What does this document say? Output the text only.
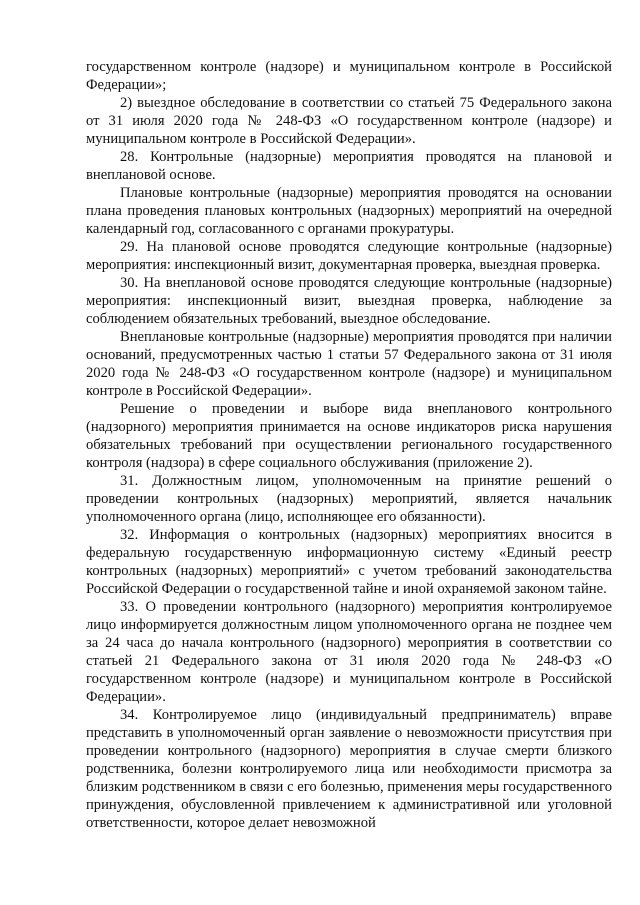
государственном контроле (надзоре) и муниципальном контроле в Российской Федерации»;

2) выездное обследование в соответствии со статьей 75 Федерального закона от 31 июля 2020 года № 248-ФЗ «О государственном контроле (надзоре) и муниципальном контроле в Российской Федерации».

28. Контрольные (надзорные) мероприятия проводятся на плановой и внеплановой основе.

Плановые контрольные (надзорные) мероприятия проводятся на основании плана проведения плановых контрольных (надзорных) мероприятий на очередной календарный год, согласованного с органами прокуратуры.

29. На плановой основе проводятся следующие контрольные (надзорные) мероприятия: инспекционный визит, документарная проверка, выездная проверка.

30. На внеплановой основе проводятся следующие контрольные (надзорные) мероприятия: инспекционный визит, выездная проверка, наблюдение за соблюдением обязательных требований, выездное обследование.

Внеплановые контрольные (надзорные) мероприятия проводятся при наличии оснований, предусмотренных частью 1 статьи 57 Федерального закона от 31 июля 2020 года № 248-ФЗ «О государственном контроле (надзоре) и муниципальном контроле в Российской Федерации».

Решение о проведении и выборе вида внепланового контрольного (надзорного) мероприятия принимается на основе индикаторов риска нарушения обязательных требований при осуществлении регионального государственного контроля (надзора) в сфере социального обслуживания (приложение 2).

31. Должностным лицом, уполномоченным на принятие решений о проведении контрольных (надзорных) мероприятий, является начальник уполномоченного органа (лицо, исполняющее его обязанности).

32. Информация о контрольных (надзорных) мероприятиях вносится в федеральную государственную информационную систему «Единый реестр контрольных (надзорных) мероприятий» с учетом требований законодательства Российской Федерации о государственной тайне и иной охраняемой законом тайне.

33. О проведении контрольного (надзорного) мероприятия контролируемое лицо информируется должностным лицом уполномоченного органа не позднее чем за 24 часа до начала контрольного (надзорного) мероприятия в соответствии со статьей 21 Федерального закона от 31 июля 2020 года № 248-ФЗ «О государственном контроле (надзоре) и муниципальном контроле в Российской Федерации».

34. Контролируемое лицо (индивидуальный предприниматель) вправе представить в уполномоченный орган заявление о невозможности присутствия при проведении контрольного (надзорного) мероприятия в случае смерти близкого родственника, болезни контролируемого лица или необходимости присмотра за близким родственником в связи с его болезнью, применения меры государственного принуждения, обусловленной привлечением к административной или уголовной ответственности, которое делает невозможной
